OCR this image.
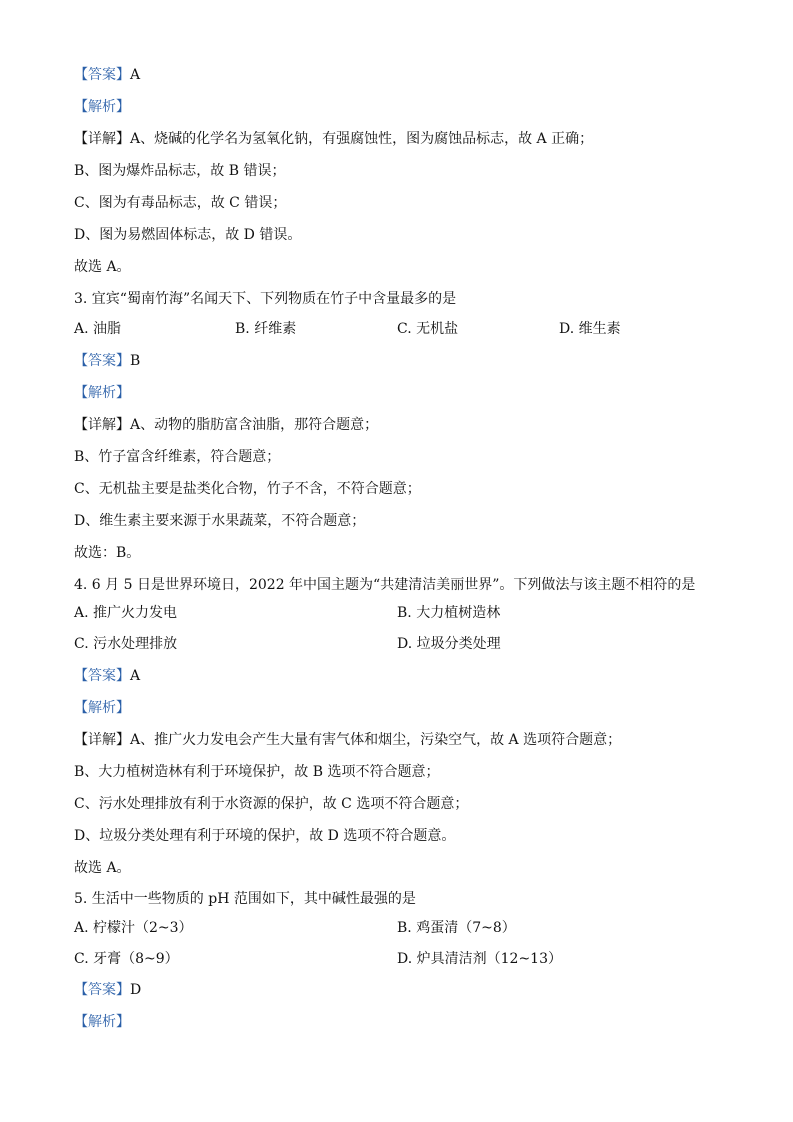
【答案】A
【解析】
【详解】A、烧碱的化学名为氢氧化钠，有强腐蚀性，图为腐蚀品标志，故 A 正确；
B、图为爆炸品标志，故 B 错误；
C、图为有毒品标志，故 C 错误；
D、图为易燃固体标志，故 D 错误。
故选 A。
3. 宜宾“蜀南竹海”名闻天下、下列物质在竹子中含量最多的是
A. 油脂	B. 纤维素	C. 无机盐	D. 维生素
【答案】B
【解析】
【详解】A、动物的脂肪富含油脂，那符合题意；
B、竹子富含纤维素，符合题意；
C、无机盐主要是盐类化合物，竹子不含，不符合题意；
D、维生素主要来源于水果蔬菜，不符合题意；
故选：B。
4. 6 月 5 日是世界环境日，2022 年中国主题为“共建清洁美丽世界”。下列做法与该主题不相符的是
A. 推广火力发电	B. 大力植树造林
C. 污水处理排放	D. 垃圾分类处理
【答案】A
【解析】
【详解】A、推广火力发电会产生大量有害气体和烟尘，污染空气，故 A 选项符合题意；
B、大力植树造林有利于环境保护，故 B 选项不符合题意；
C、污水处理排放有利于水资源的保护，故 C 选项不符合题意；
D、垃圾分类处理有利于环境的保护，故 D 选项不符合题意。
故选 A。
5. 生活中一些物质的 pH 范围如下，其中碱性最强的是
A. 柠檬汁（2~3）	B. 鸡蛋清（7~8）
C. 牙膏（8~9）	D. 炉具清洁剂（12~13）
【答案】D
【解析】
